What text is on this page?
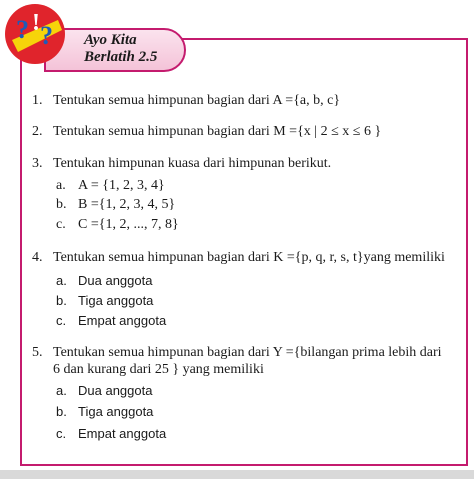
? ! ? Ayo Kita
Berlatih 2.5
1. Tentukan semua himpunan bagian dari A ={a, b, c}
2. Tentukan semua himpunan bagian dari M ={x | 2 ≤ x ≤ 6 }
3. Tentukan himpunan kuasa dari himpunan berikut.
a. A = {1, 2, 3, 4}
b. B ={1, 2, 3, 4, 5}
c. C ={1, 2, ..., 7, 8}
4. Tentukan semua himpunan bagian dari K ={p, q, r, s, t}yang memiliki
a. Dua anggota
b. Tiga anggota
c. Empat anggota
5. Tentukan semua himpunan bagian dari Y ={bilangan prima lebih dari
6 dan kurang dari 25 } yang memiliki
a. Dua anggota
b. Tiga anggota
c. Empat anggota
